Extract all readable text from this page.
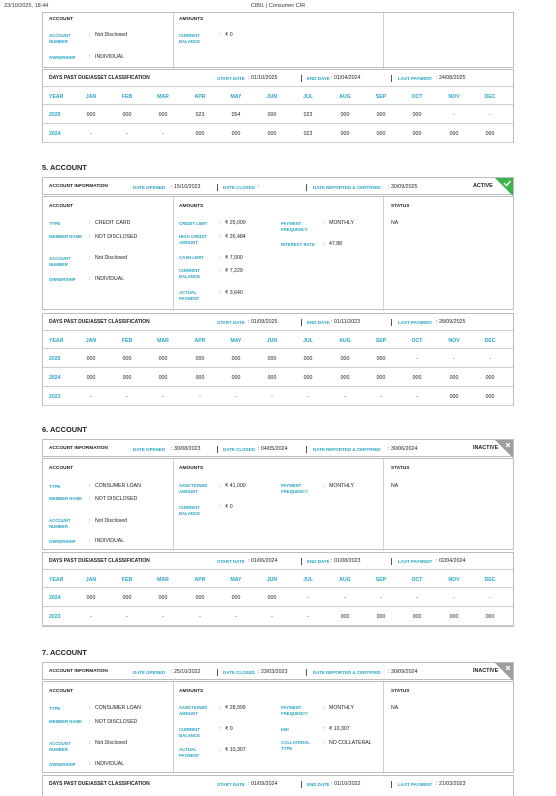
23/10/2025, 18:44	CIBIL | Consumer CIR
ACCOUNT	AMOUNTS
ACCOUNT NUMBER
: Not Disclosed
OWNERSHIP	: INDIVIDUAL
CURRENT BALANCE
: ₹ 0
DAYS PAST DUE/ASSET CLASSIFICATION	START DATE : 01/10/2025	END DATE : 01/04/2024	LAST PAYMENT : 24/08/2025
YEAR	JAN	FEB	MAR	APR	MAY	JUN	JUL	AUG	SEP	OCT	NOV	DEC
2025	000	000	000	023	054	000	023	000	000	000	-	-
2024	-	-	-	000	000	000	023	000	000	000	000	000
5. ACCOUNT
ACCOUNT INFORMATION	DATE OPENED : 15/10/2023	DATE CLOSED :	DATE REPORTED & CERTIFIED : 30/09/2025	ACTIVE
ACCOUNT	AMOUNTS	STATUS
TYPE	: CREDIT CARD
MEMBER NAME : NOT DISCLOSED
ACCOUNT NUMBER
: Not Disclosed
OWNERSHIP	: INDIVIDUAL
CREDIT LIMIT : ₹ 25,000
HIGH CREDIT AMOUNT
: ₹ 26,484
CASH LIMIT	: ₹ 7,000
CURRENT BALANCE
: ₹ 7,229
ACTUAL PAYMENT
: ₹ 3,640
PAYMENT FREQUENCY
: MONTHLY
INTEREST RATE : 47.88
NA
DAYS PAST DUE/ASSET CLASSIFICATION	START DATE : 01/09/2025	END DATE : 01/11/2023	LAST PAYMENT : 28/09/2025
YEAR	JAN	FEB	MAR	APR	MAY	JUN	JUL	AUG	SEP	OCT	NOV	DEC
2025	000	000	000	000	000	000	000	000	000	-	-	-
2024	000	000	000	000	000	000	000	000	000	000	000	000
2023	-	-	-	-	-	-	-	-	-	-	000	000
6. ACCOUNT
ACCOUNT INFORMATION	DATE OPENED : 30/08/2023	DATE CLOSED : 04/05/2024	DATE REPORTED & CERTIFIED : 30/06/2024	INACTIVE
ACCOUNT	AMOUNTS	STATUS
TYPE	: CONSUMER LOAN
MEMBER NAME : NOT DISCLOSED
ACCOUNT NUMBER
: Not Disclosed
OWNERSHIP	: INDIVIDUAL
SANCTIONED AMOUNT
: ₹ 41,000
CURRENT BALANCE
: ₹ 0
PAYMENT FREQUENCY
: MONTHLY	NA
DAYS PAST DUE/ASSET CLASSIFICATION	START DATE : 01/06/2024	END DATE : 01/08/2023	LAST PAYMENT : 02/04/2024
YEAR	JAN	FEB	MAR	APR	MAY	JUN	JUL	AUG	SEP	OCT	NOV	DEC
2024	000	000	000	000	000	000	-	-	-	-	-	-
2023	-	-	-	-	-	-	-	000	000	000	000	000
7. ACCOUNT
ACCOUNT INFORMATION	DATE OPENED : 25/10/2022	DATE CLOSED : 23/03/2023	DATE REPORTED & CERTIFIED : 30/09/2024	INACTIVE
ACCOUNT	AMOUNTS	STATUS
TYPE	: CONSUMER LOAN
MEMBER NAME : NOT DISCLOSED
ACCOUNT NUMBER
: Not Disclosed
OWNERSHIP	: INDIVIDUAL
SANCTIONED AMOUNT
: ₹ 28,999
CURRENT BALANCE
: ₹ 0
ACTUAL PAYMENT
: ₹ 10,307
PAYMENT FREQUENCY
: MONTHLY
EMI	: ₹ 10,307
COLLATERAL TYPE
: NO COLLATERAL
NA
DAYS PAST DUE/ASSET CLASSIFICATION	START DATE : 01/09/2024	END DATE : 01/10/2022	LAST PAYMENT : 21/03/2023
